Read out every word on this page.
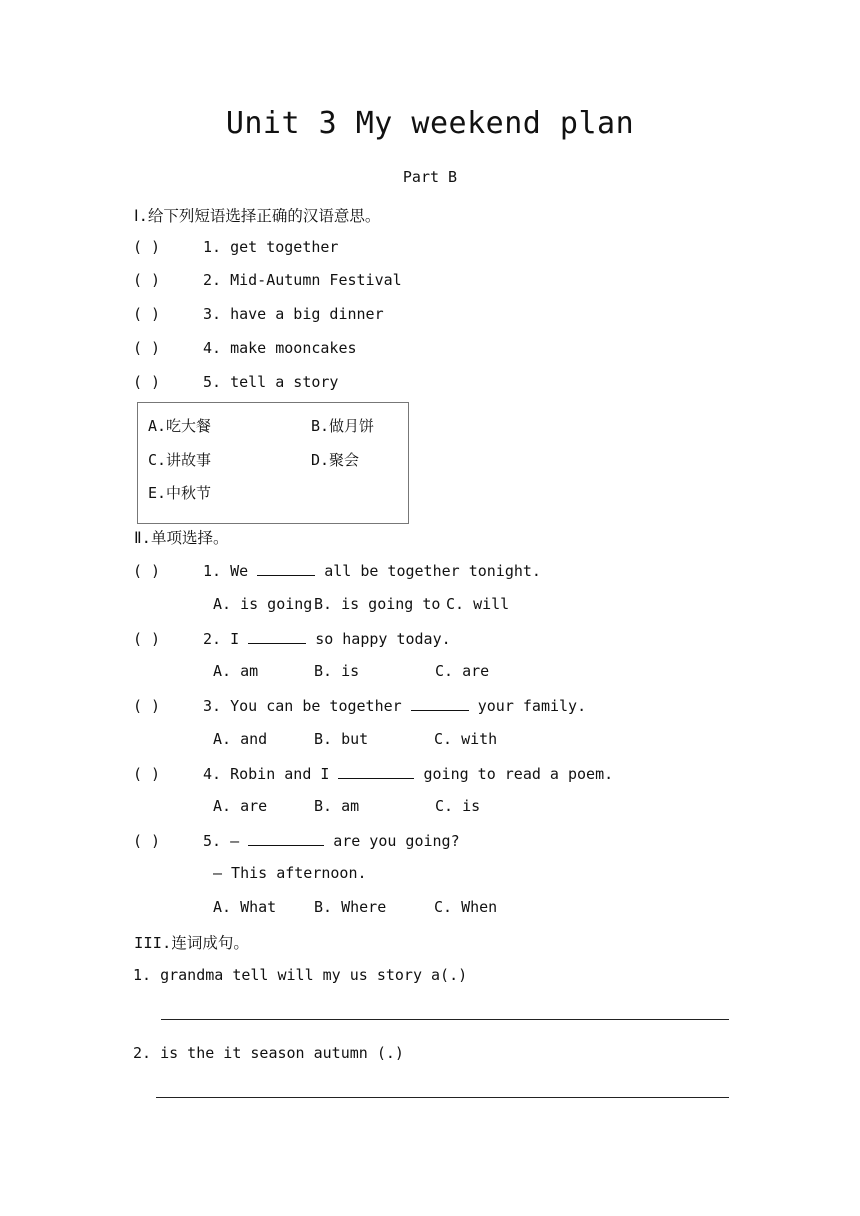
Unit 3 My weekend plan
Part B
Ⅰ.给下列短语选择正确的汉语意思。
( )	1. get together
( )	2. Mid-Autumn Festival
( )	3. have a big dinner
( )	4. make mooncakes
( )	5. tell a story
A.吃大餐	B.做月饼
C.讲故事	D.聚会
E.中秋节
Ⅱ.单项选择。
( )	1. We	all be together tonight.
A. is going B. is going to C. will
( )	2. I	so happy today.
A. am	B. is	C. are
( )	3. You can be together	your family.
A. and	B. but	C. with
( )	4. Robin and I	going to read a poem.
A. are	B. am	C. is
( )	5. —	are you going?
— This afternoon.
A. What	B. Where	C. When
III.连词成句。
1. grandma tell will my us story a(.)
2. is the it season autumn (.)
